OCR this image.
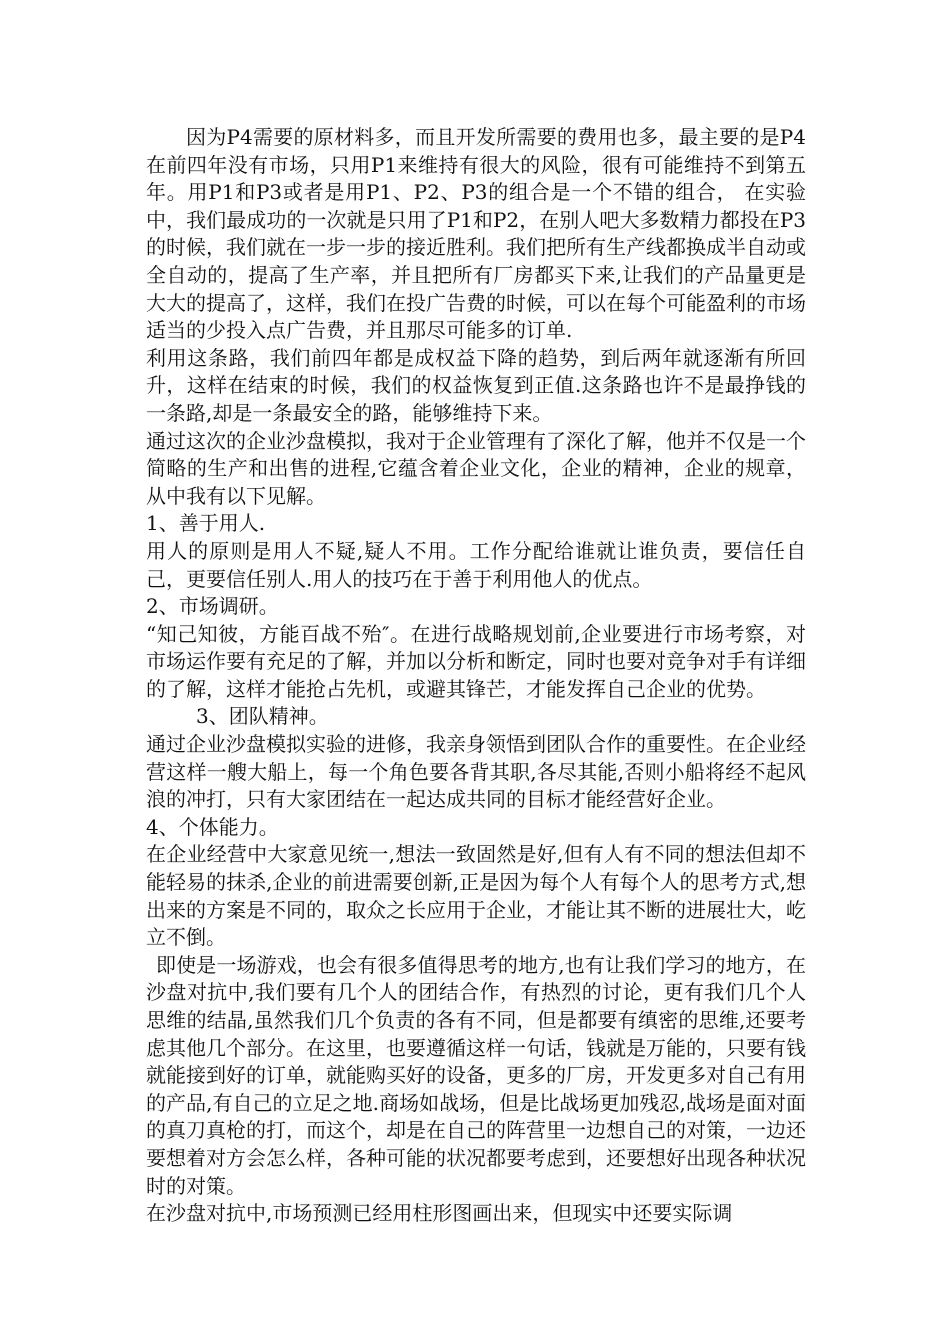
因为P4需要的原材料多，而且开发所需要的费用也多，最主要的是P4在前四年没有市场，只用P1来维持有很大的风险，很有可能维持不到第五年。用P1和P3或者是用P1、P2、P3的组合是一个不错的组合， 在实验中，我们最成功的一次就是只用了P1和P2，在别人吧大多数精力都投在P3的时候，我们就在一步一步的接近胜利。我们把所有生产线都换成半自动或全自动的，提高了生产率，并且把所有厂房都买下来,让我们的产品量更是大大的提高了，这样，我们在投广告费的时候，可以在每个可能盈利的市场适当的少投入点广告费，并且那尽可能多的订单.

利用这条路，我们前四年都是成权益下降的趋势，到后两年就逐渐有所回升，这样在结束的时候，我们的权益恢复到正值.这条路也许不是最挣钱的一条路,却是一条最安全的路，能够维持下来。

通过这次的企业沙盘模拟，我对于企业管理有了深化了解，他并不仅是一个简略的生产和出售的进程,它蕴含着企业文化，企业的精神，企业的规章，从中我有以下见解。

1、善于用人.

用人的原则是用人不疑,疑人不用。工作分配给谁就让谁负责，要信任自己，更要信任别人.用人的技巧在于善于利用他人的优点。

2、市场调研。

“知己知彼，方能百战不殆″。在进行战略规划前,企业要进行市场考察，对市场运作要有充足的了解，并加以分析和断定，同时也要对竞争对手有详细的了解，这样才能抢占先机，或避其锋芒，才能发挥自己企业的优势。

3、团队精神。

通过企业沙盘模拟实验的进修，我亲身领悟到团队合作的重要性。在企业经营这样一艘大船上，每一个角色要各背其职,各尽其能,否则小船将经不起风浪的冲打，只有大家团结在一起达成共同的目标才能经营好企业。

4、个体能力。

在企业经营中大家意见统一,想法一致固然是好,但有人有不同的想法但却不能轻易的抹杀,企业的前进需要创新,正是因为每个人有每个人的思考方式,想出来的方案是不同的，取众之长应用于企业，才能让其不断的进展壮大，屹立不倒。

即使是一场游戏，也会有很多值得思考的地方,也有让我们学习的地方，在沙盘对抗中,我们要有几个人的团结合作，有热烈的讨论，更有我们几个人思维的结晶,虽然我们几个负责的各有不同，但是都要有缜密的思维,还要考虑其他几个部分。在这里，也要遵循这样一句话，钱就是万能的，只要有钱就能接到好的订单，就能购买好的设备，更多的厂房，开发更多对自己有用的产品,有自己的立足之地.商场如战场，但是比战场更加残忍,战场是面对面的真刀真枪的打，而这个，却是在自己的阵营里一边想自己的对策，一边还要想着对方会怎么样，各种可能的状况都要考虑到，还要想好出现各种状况时的对策。

在沙盘对抗中,市场预测已经用柱形图画出来，但现实中还要实际调
